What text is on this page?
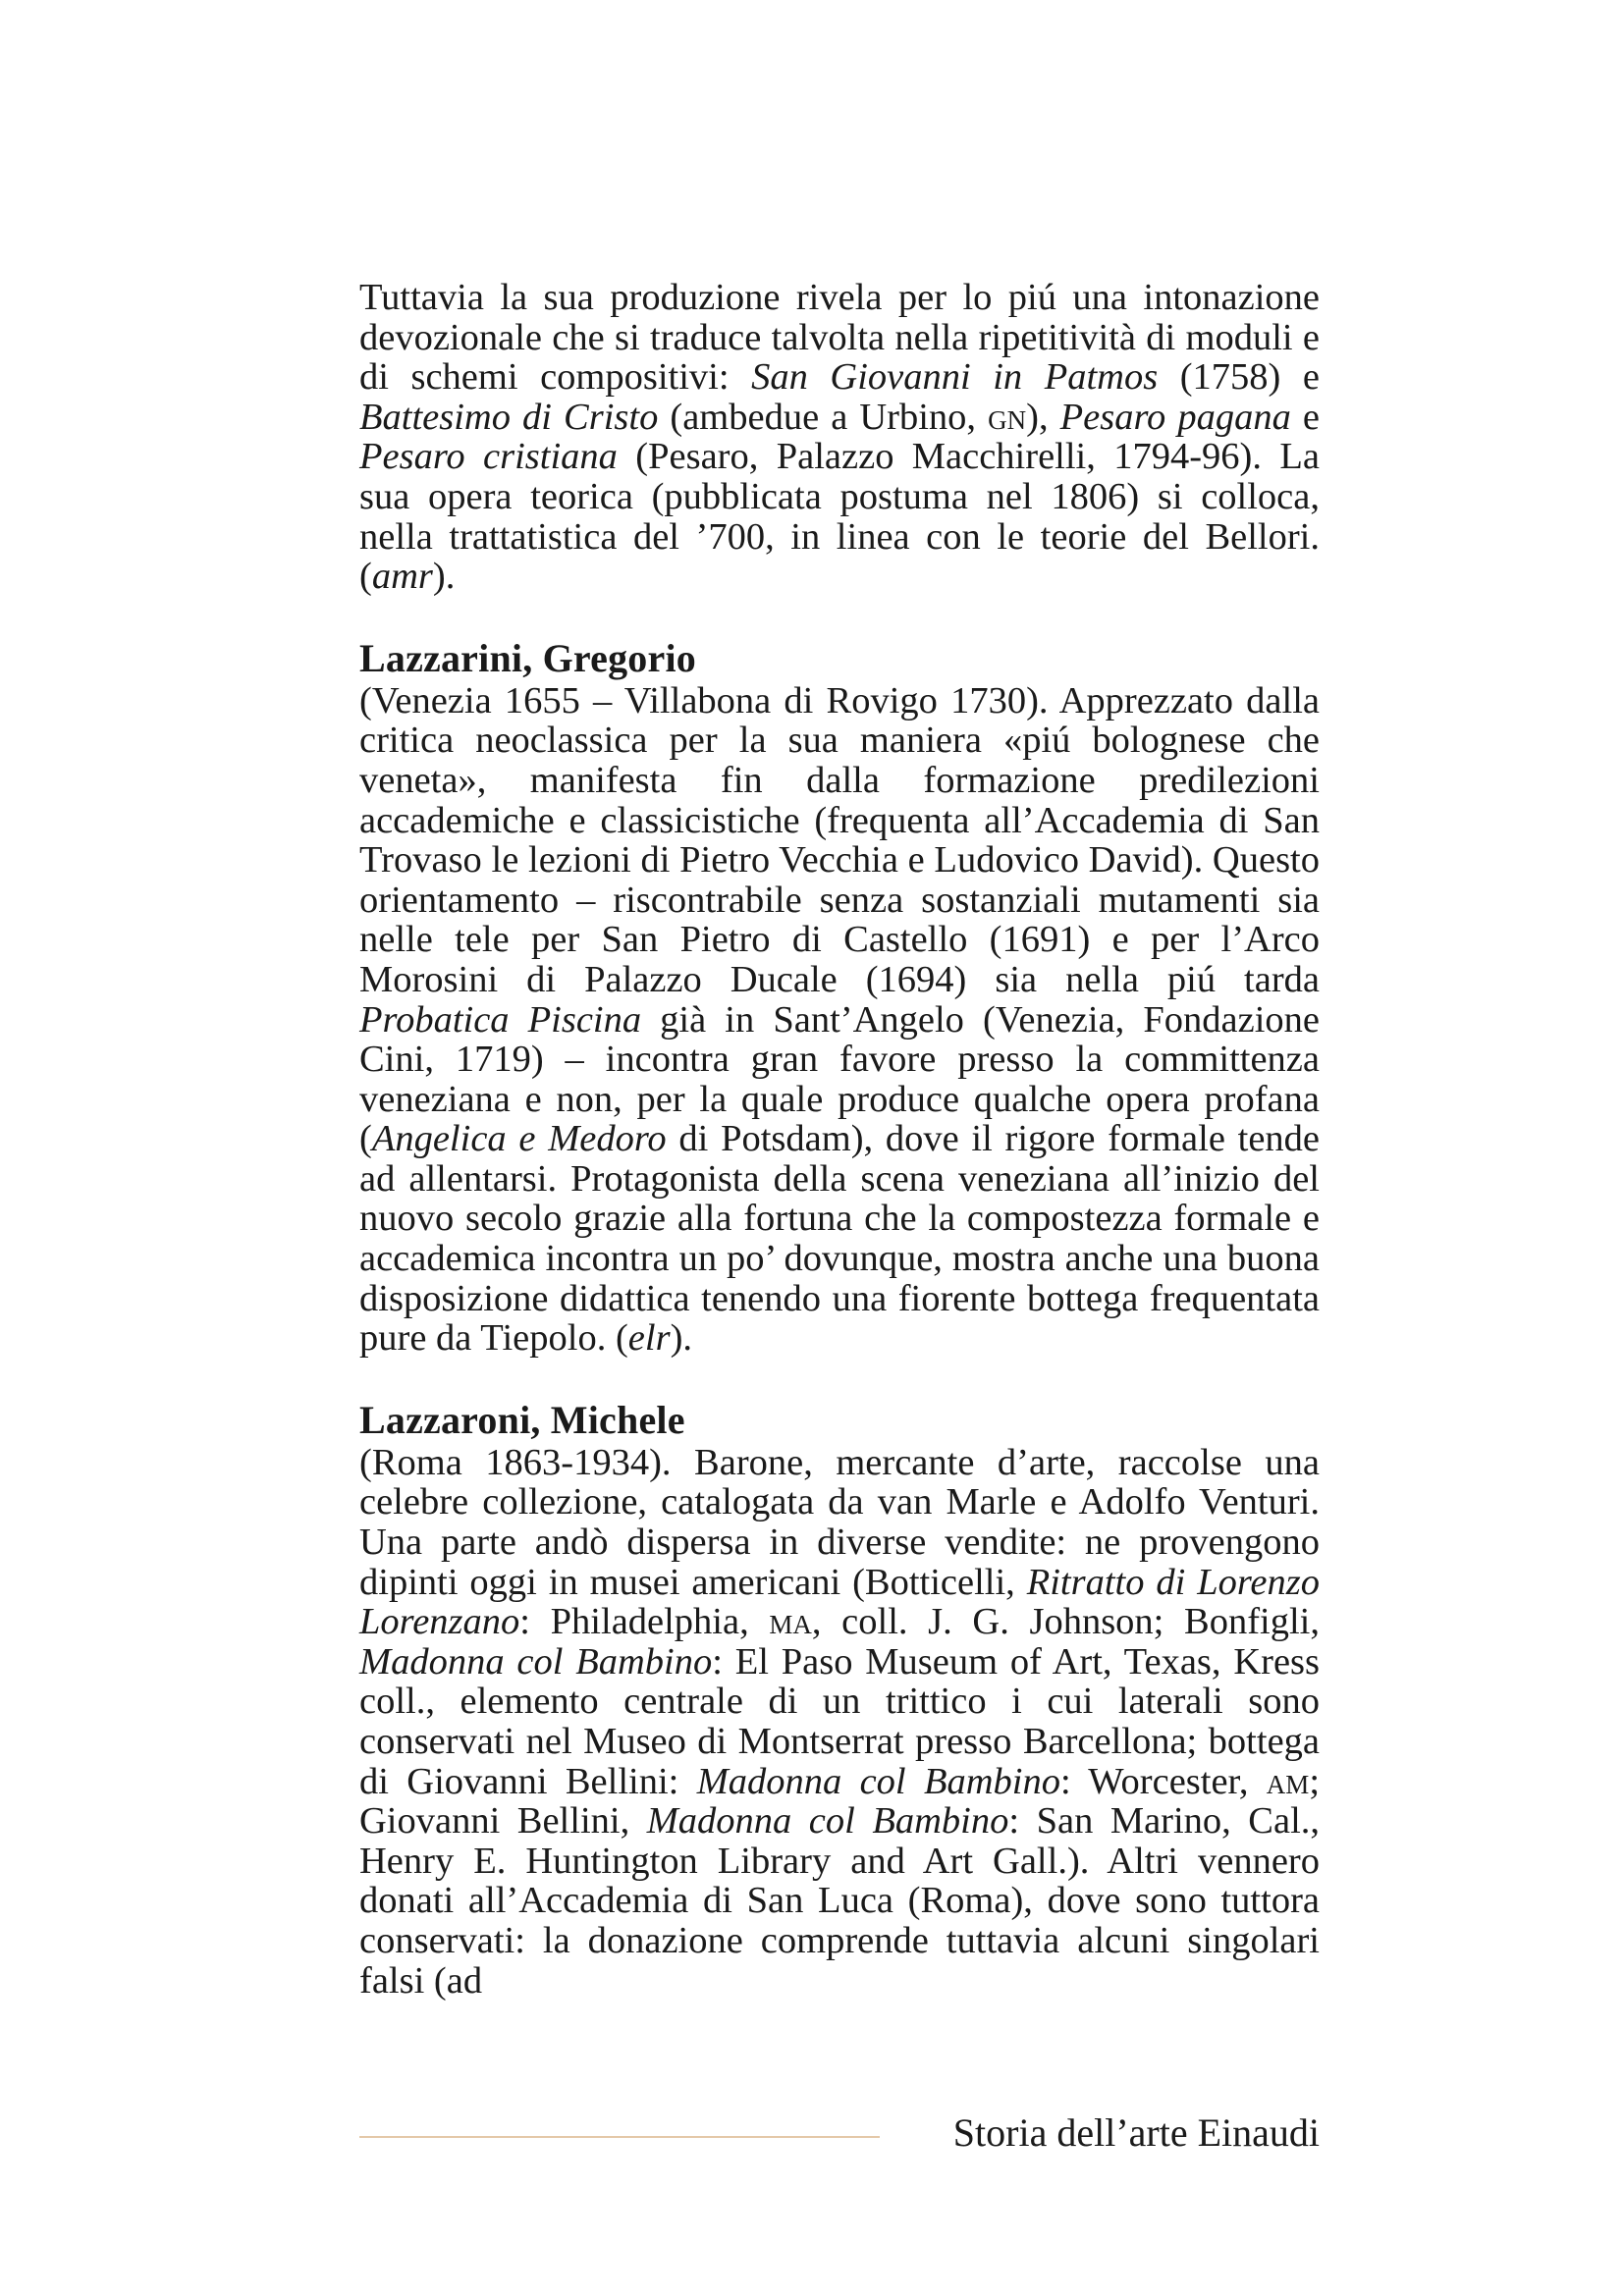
Tuttavia la sua produzione rivela per lo piú una intonazione devozionale che si traduce talvolta nella ripetitività di moduli e di schemi compositivi: San Giovanni in Patmos (1758) e Battesimo di Cristo (ambedue a Urbino, gn), Pesaro pagana e Pesaro cristiana (Pesaro, Palazzo Macchirelli, 1794-96). La sua opera teorica (pubblicata postuma nel 1806) si colloca, nella trattatistica del ’700, in linea con le teorie del Bellori. (amr).

Lazzarini, Gregorio

(Venezia 1655 – Villabona di Rovigo 1730). Apprezzato dalla critica neoclassica per la sua maniera «piú bolognese che veneta», manifesta fin dalla formazione predilezioni accademiche e classicistiche (frequenta all’Accademia di San Trovaso le lezioni di Pietro Vecchia e Ludovico David). Questo orientamento – riscontrabile senza sostanziali mutamenti sia nelle tele per San Pietro di Castello (1691) e per l’Arco Morosini di Palazzo Ducale (1694) sia nella piú tarda Probatica Piscina già in Sant’Angelo (Venezia, Fondazione Cini, 1719) – incontra gran favore presso la committenza veneziana e non, per la quale produce qualche opera profana (Angelica e Medoro di Potsdam), dove il rigore formale tende ad allentarsi. Protagonista della scena veneziana all’inizio del nuovo secolo grazie alla fortuna che la compostezza formale e accademica incontra un po’ dovunque, mostra anche una buona disposizione didattica tenendo una fiorente bottega frequentata pure da Tiepolo. (elr).

Lazzaroni, Michele

(Roma 1863-1934). Barone, mercante d’arte, raccolse una celebre collezione, catalogata da van Marle e Adolfo Venturi. Una parte andò dispersa in diverse vendite: ne provengono dipinti oggi in musei americani (Botticelli, Ritratto di Lorenzo Lorenzano: Philadelphia, ma, coll. J. G. Johnson; Bonfigli, Madonna col Bambino: El Paso Museum of Art, Texas, Kress coll., elemento centrale di un trittico i cui laterali sono conservati nel Museo di Montserrat presso Barcellona; bottega di Giovanni Bellini: Madonna col Bambino: Worcester, am; Giovanni Bellini, Madonna col Bambino: San Marino, Cal., Henry E. Huntington Library and Art Gall.). Altri vennero donati all’Accademia di San Luca (Roma), dove sono tuttora conservati: la donazione comprende tuttavia alcuni singolari falsi (ad

Storia dell’arte Einaudi
